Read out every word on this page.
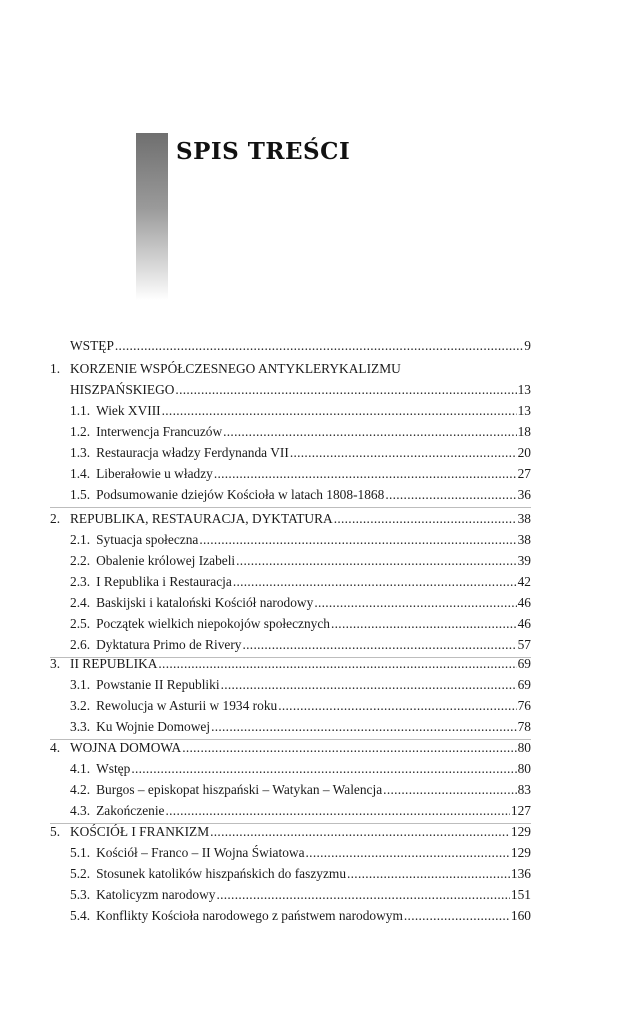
SPIS TREŚCI
WSTĘP .....	9
1. KORZENIE WSPÓŁCZESNEGO ANTYKLERYKALIZMU
HISZPAŃSKIEGO .....	13
1.1. Wiek XVIII .....	13
1.2. Interwencja Francuzów .....	18
1.3. Restauracja władzy Ferdynanda VII .....	20
1.4. Liberałowie u władzy .....	27
1.5. Podsumowanie dziejów Kościoła w latach 1808-1868 .....	36
2. REPUBLIKA, RESTAURACJA, DYKTATURA .....	38
2.1. Sytuacja społeczna .....	38
2.2. Obalenie królowej Izabeli .....	39
2.3. I Republika i Restauracja .....	42
2.4. Baskijski i kataloński Kościół narodowy .....	46
2.5. Początek wielkich niepokojów społecznych .....	46
2.6. Dyktatura Primo de Rivery .....	57
3. II REPUBLIKA .....	69
3.1. Powstanie II Republiki .....	69
3.2. Rewolucja w Asturii w 1934 roku .....	76
3.3. Ku Wojnie Domowej .....	78
4. WOJNA DOMOWA .....	80
4.1. Wstęp .....	80
4.2. Burgos – episkopat hiszpański – Watykan – Walencja .....	83
4.3. Zakończenie .....	127
5. KOŚCIÓŁ I FRANKIZM .....	129
5.1. Kościół – Franco – II Wojna Światowa .....	129
5.2. Stosunek katolików hiszpańskich do faszyzmu .....	136
5.3. Katolicyzm narodowy .....	151
5.4. Konflikty Kościoła narodowego z państwem narodowym .....	160
